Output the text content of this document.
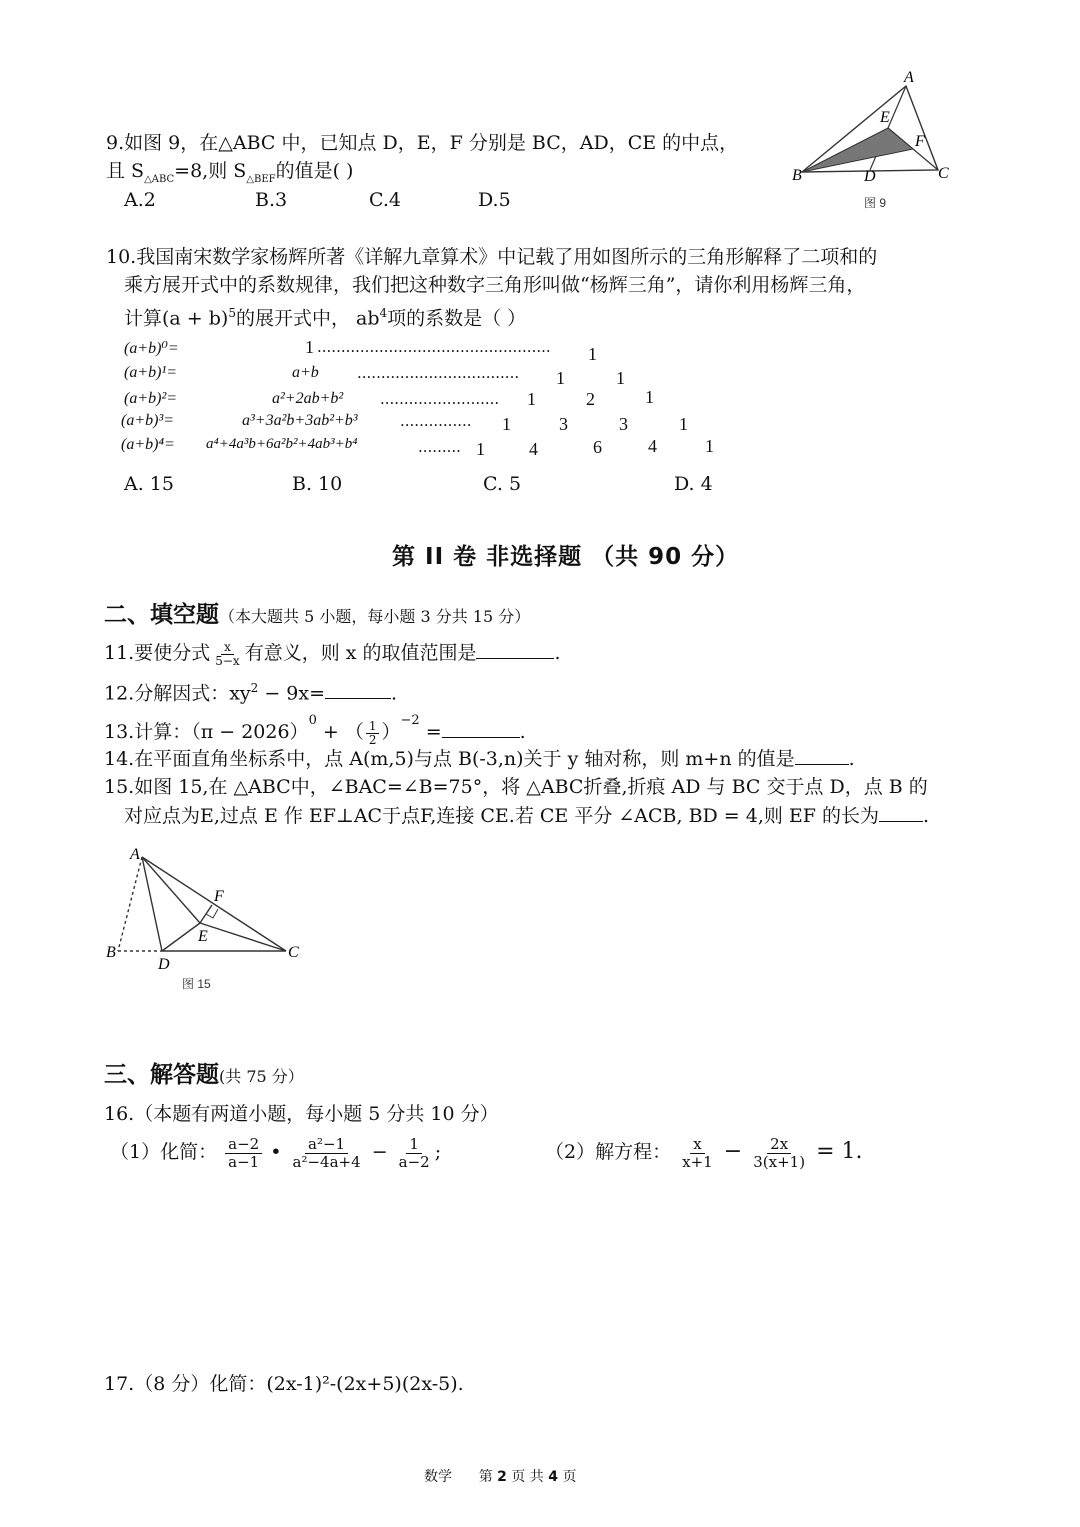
9.如图 9，在△ABC 中，已知点 D，E，F 分别是 BC，AD，CE 的中点，
且 $S_{\triangle ABC}=8$,则 $S_{\triangle BEF}$的值是( )
A.2	B.3	C.4	D.5
A
E
F
B	D	C
图 9
10.我国南宋数学家杨辉所著《详解九章算术》中记载了用如图所示的三角形解释了二项和的
乘方展开式中的系数规律，我们把这种数字三角形叫做“杨辉三角”，请你利用杨辉三角，
计算$(a + b)^5$的展开式中， $ab^4$项的系数是（ ）
(a+b)⁰=	1 ................................................. 1
(a+b)¹=	a+b	.................................. 1	1
(a+b)²=	a²+2ab+b² ......................... 1	2	1
(a+b)³=	a³+3a²b+3ab²+b³	............... 1	3	3	1
(a+b)⁴= a⁴+4a³b+6a²b²+4ab³+b⁴	......... 1 4	6	4	1
A. 15	B. 10	C. 5	D. 4
第 II 卷 非选择题 （共 90 分）
二、填空题（本大题共 5 小题，每小题 3 分共 15 分）
11.要使分式 $\frac{x}{5-x}$ 有意义，则 x 的取值范围是	.
12.分解因式：$xy^2 - 9x=$	.
13.计算：$(\pi - 2026)^0$ + （ $\frac{1}{2} )^{-2}$ =	.
14.在平面直角坐标系中，点 A(m,5)与点 B(-3,n)关于 y 轴对称，则 m+n 的值是	.
15.如图 15,在 △ABC中，∠BAC=∠B=75°，将 △ABC折叠,折痕 AD 与 BC 交于点 D，点 B 的
对应点为E,过点 E 作 EF⊥AC于点F,连接 CE.若 CE 平分 ∠ACB, BD = 4,则 EF 的长为 .
A
F
E
B
D
C
图 15
三、解答题(共 75 分）
16.（本题有两道小题，每小题 5 分共 10 分）
（1）化简： $\frac{a-2}{a-1}$ • $\frac{\text{a²−1}}{\text{a²−4a+4}} - \frac{1}{a-2}$ ;	（2）解方程： $\frac{x}{x+1} - \frac{2x}{3(x+1)} = 1$.
17.（8 分）化简：(2x-1)²-(2x+5)(2x-5).
数学 第 2 页 共 4 页
